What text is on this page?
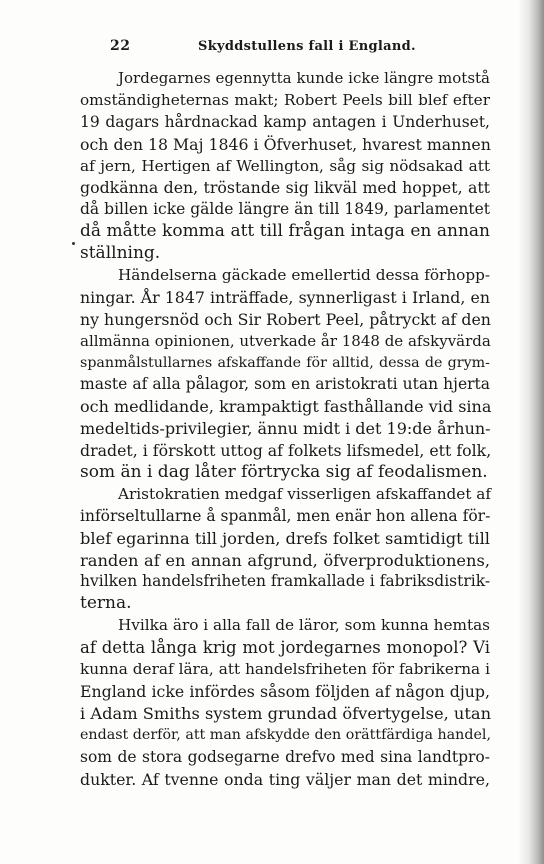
22	Skyddstullens fall i England.

Jordegarnes egennytta kunde icke längre motstå
omständigheternas makt; Robert Peels bill blef efter
19 dagars hårdnackad kamp antagen i Underhuset,
och den 18 Maj 1846 i Öfverhuset, hvarest mannen
af jern, Hertigen af Wellington, såg sig nödsakad att
godkänna den, tröstande sig likväl med hoppet, att
då billen icke gälde längre än till 1849, parlamentet
då måtte komma att till frågan intaga en annan
ställning.

Händelserna gäckade emellertid dessa förhopp-
ningar. År 1847 inträffade, synnerligast i Irland, en
ny hungersnöd och Sir Robert Peel, påtryckt af den
allmänna opinionen, utverkade år 1848 de afskyvärda
spanmålstullarnes afskaffande för alltid, dessa de grym-
maste af alla pålagor, som en aristokrati utan hjerta
och medlidande, krampaktigt fasthållande vid sina
medeltids-privilegier, ännu midt i det 19:de århun-
dradet, i förskott uttog af folkets lifsmedel, ett folk,
som än i dag låter förtrycka sig af feodalismen.

Aristokratien medgaf visserligen afskaffandet af
införseltullarne å spanmål, men enär hon allena för-
blef egarinna till jorden, drefs folket samtidigt till
randen af en annan afgrund, öfverproduktionens,
hvilken handelsfriheten framkallade i fabriksdistrik-
terna.

Hvilka äro i alla fall de läror, som kunna hemtas
af detta långa krig mot jordegarnes monopol? Vi
kunna deraf lära, att handelsfriheten för fabrikerna i
England icke infördes såsom följden af någon djup,
i Adam Smiths system grundad öfvertygelse, utan
endast derför, att man afskydde den orättfärdiga handel,
som de stora godsegarne drefvo med sina landtpro-
dukter. Af tvenne onda ting väljer man det mindre,
